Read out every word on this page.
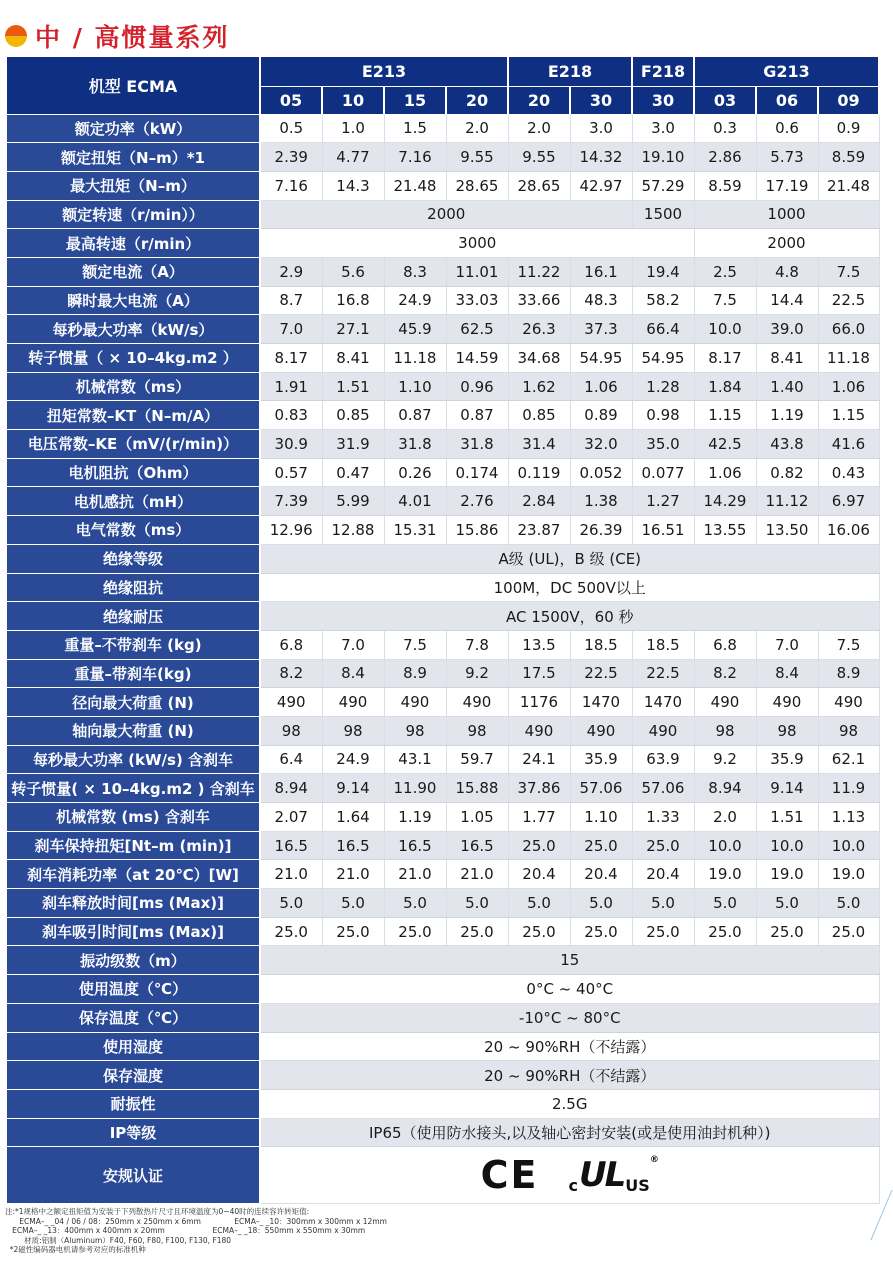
中 / 高惯量系列
机型 ECMA	E213				E218		F218	G213		
	05	10	15	20	20	30	30	03	06	09
额定功率（kW）	0.5	1.0	1.5	2.0	2.0	3.0	3.0	0.3	0.6	0.9
额定扭矩（N–m）*1	2.39	4.77	7.16	9.55	9.55	14.32	19.10	2.86	5.73	8.59
最大扭矩（N–m）	7.16	14.3	21.48	28.65	28.65	42.97	57.29	8.59	17.19	21.48
额定转速（r/min））	2000						1500	1000		
最高转速（r/min）	3000							2000		
额定电流（A）	2.9	5.6	8.3	11.01	11.22	16.1	19.4	2.5	4.8	7.5
瞬时最大电流（A）	8.7	16.8	24.9	33.03	33.66	48.3	58.2	7.5	14.4	22.5
每秒最大功率（kW/s）	7.0	27.1	45.9	62.5	26.3	37.3	66.4	10.0	39.0	66.0
转子惯量（ × 10–4kg.m2 ）	8.17	8.41	11.18	14.59	34.68	54.95	54.95	8.17	8.41	11.18
机械常数（ms）	1.91	1.51	1.10	0.96	1.62	1.06	1.28	1.84	1.40	1.06
扭矩常数–KT（N–m/A）	0.83	0.85	0.87	0.87	0.85	0.89	0.98	1.15	1.19	1.15
电压常数–KE（mV/(r/min)）	30.9	31.9	31.8	31.8	31.4	32.0	35.0	42.5	43.8	41.6
电机阻抗（Ohm）	0.57	0.47	0.26	0.174	0.119	0.052	0.077	1.06	0.82	0.43
电机感抗（mH）	7.39	5.99	4.01	2.76	2.84	1.38	1.27	14.29	11.12	6.97
电气常数（ms）	12.96	12.88	15.31	15.86	23.87	26.39	16.51	13.55	13.50	16.06
绝缘等级	A级 (UL)，B 级 (CE)									
绝缘阻抗	100M，DC 500V以上									
绝缘耐压	AC 1500V，60 秒									
重量–不带刹车 (kg)	6.8	7.0	7.5	7.8	13.5	18.5	18.5	6.8	7.0	7.5
重量–带刹车(kg)	8.2	8.4	8.9	9.2	17.5	22.5	22.5	8.2	8.4	8.9
径向最大荷重 (N)	490	490	490	490	1176	1470	1470	490	490	490
轴向最大荷重 (N)	98	98	98	98	490	490	490	98	98	98
每秒最大功率 (kW/s) 含刹车	6.4	24.9	43.1	59.7	24.1	35.9	63.9	9.2	35.9	62.1
转子惯量( × 10–4kg.m2 ) 含刹车	8.94	9.14	11.90	15.88	37.86	57.06	57.06	8.94	9.14	11.9
机械常数 (ms) 含刹车	2.07	1.64	1.19	1.05	1.77	1.10	1.33	2.0	1.51	1.13
刹车保持扭矩[Nt–m (min)]	16.5	16.5	16.5	16.5	25.0	25.0	25.0	10.0	10.0	10.0
刹车消耗功率（at 20℃）[W]	21.0	21.0	21.0	21.0	20.4	20.4	20.4	19.0	19.0	19.0
刹车释放时间[ms (Max)]	5.0	5.0	5.0	5.0	5.0	5.0	5.0	5.0	5.0	5.0
刹车吸引时间[ms (Max)]	25.0	25.0	25.0	25.0	25.0	25.0	25.0	25.0	25.0	25.0
振动级数（m）	15									
使用温度（℃）	0°C ~ 40°C									
保存温度（℃）	-10°C ~ 80°C									
使用湿度	20 ~ 90%RH（不结露）									
保存湿度	20 ~ 90%RH（不结露）									
耐振性	2.5G									
IP等级	IP65（使用防水接头,以及轴心密封安装(或是使用油封机种）)									
安规认证	CE c UL US
®									
注:*1规格中之额定扭矩值为安装于下列散热片尺寸且环境温度为0~40时的连续容许转矩值:
ECMA–_ _04 / 06 / 08：250mm x 250mm x 6mm              ECMA–_ _10：300mm x 300mm x 12mm
ECMA–_ _13：400mm x 400mm x 20mm                    ECMA–_ _18：550mm x 550mm x 30mm
材质:铝制（Aluminum）F40, F60, F80, F100, F130, F180
*2磁性编码器电机请参考对应的标准机种
